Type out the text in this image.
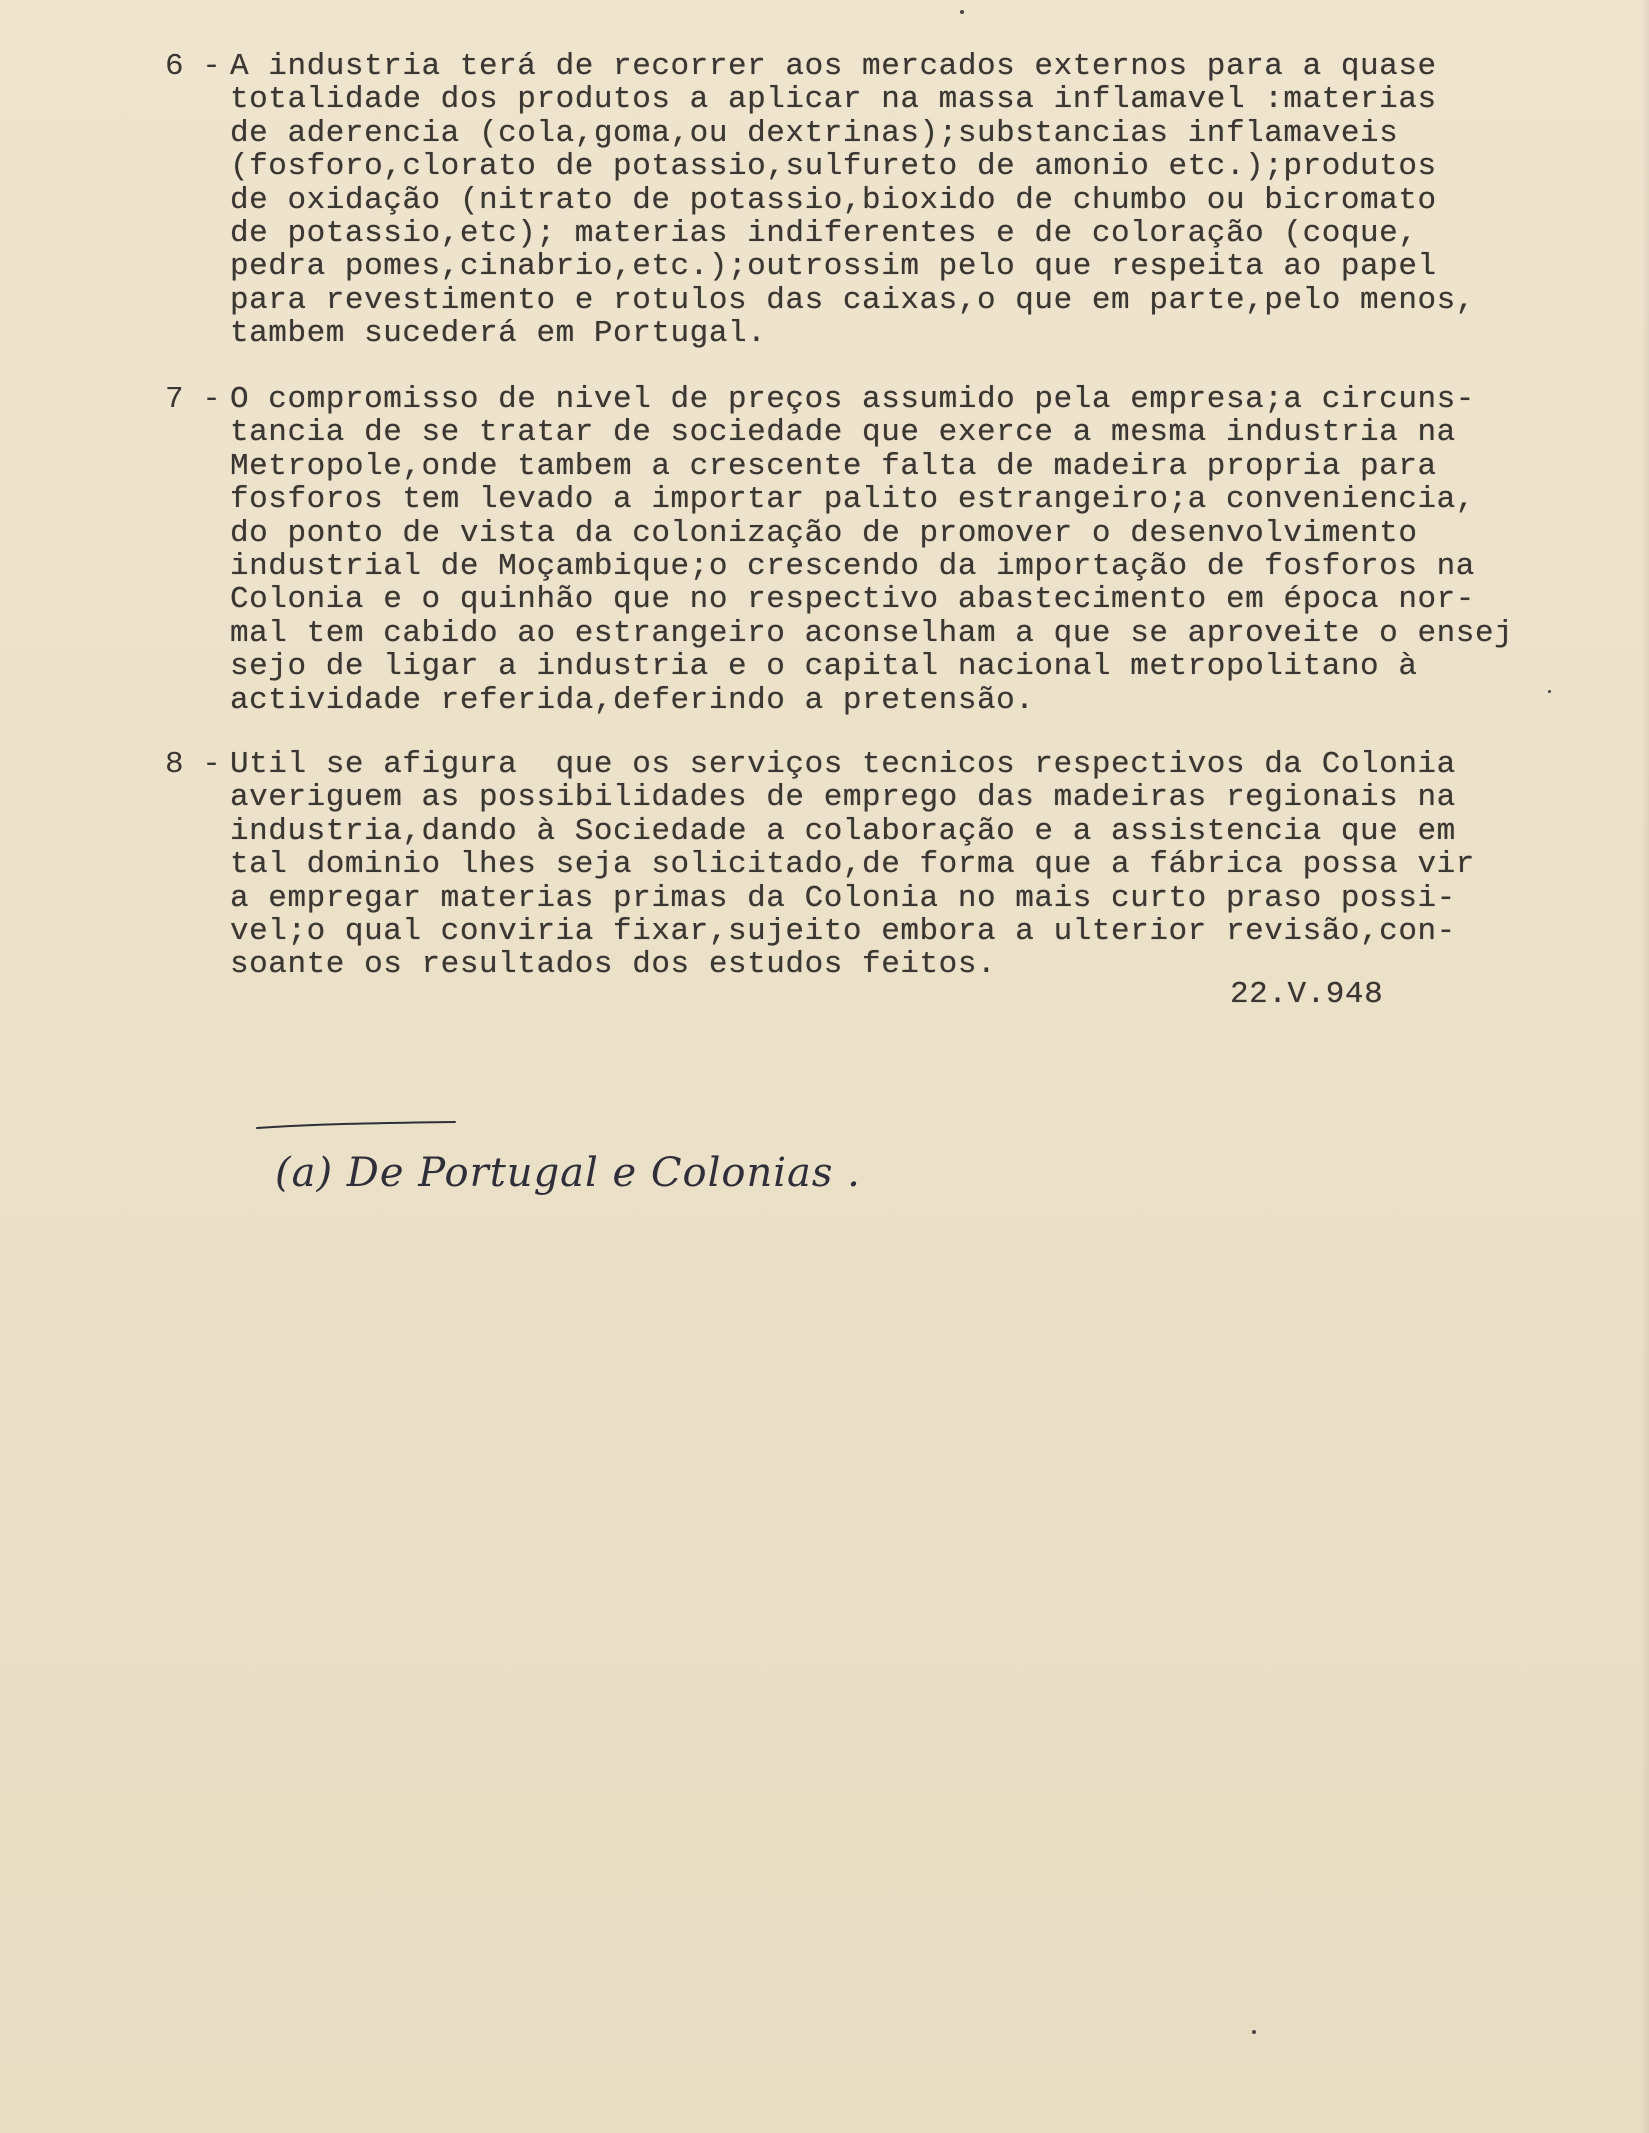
6 - A industria terá de recorrer aos mercados externos para a quase
totalidade dos produtos a aplicar na massa inflamavel :materias
de aderencia (cola,goma,ou dextrinas);substancias inflamaveis
(fosforo,clorato de potassio,sulfureto de amonio etc.);produtos
de oxidação (nitrato de potassio,bioxido de chumbo ou bicromato
de potassio,etc); materias indiferentes e de coloração (coque,
pedra pomes,cinabrio,etc.);outrossim pelo que respeita ao papel
para revestimento e rotulos das caixas,o que em parte,pelo menos,
tambem sucederá em Portugal.
7 - O compromisso de nivel de preços assumido pela empresa;a circuns-
tancia de se tratar de sociedade que exerce a mesma industria na
Metropole,onde tambem a crescente falta de madeira propria para
fosforos tem levado a importar palito estrangeiro;a conveniencia,
do ponto de vista da colonização de promover o desenvolvimento
industrial de Moçambique;o crescendo da importação de fosforos na
Colonia e o quinhão que no respectivo abastecimento em época nor-
mal tem cabido ao estrangeiro aconselham a que se aproveite o ensej
sejo de ligar a industria e o capital nacional metropolitano à
actividade referida,deferindo a pretensão.
8 - Util se afigura  que os serviços tecnicos respectivos da Colonia
averiguem as possibilidades de emprego das madeiras regionais na
industria,dando à Sociedade a colaboração e a assistencia que em
tal dominio lhes seja solicitado,de forma que a fábrica possa vir
a empregar materias primas da Colonia no mais curto praso possi-
vel;o qual conviria fixar,sujeito embora a ulterior revisão,con-
soante os resultados dos estudos feitos.
22.V.948
(a) De Portugal e Colonias .
